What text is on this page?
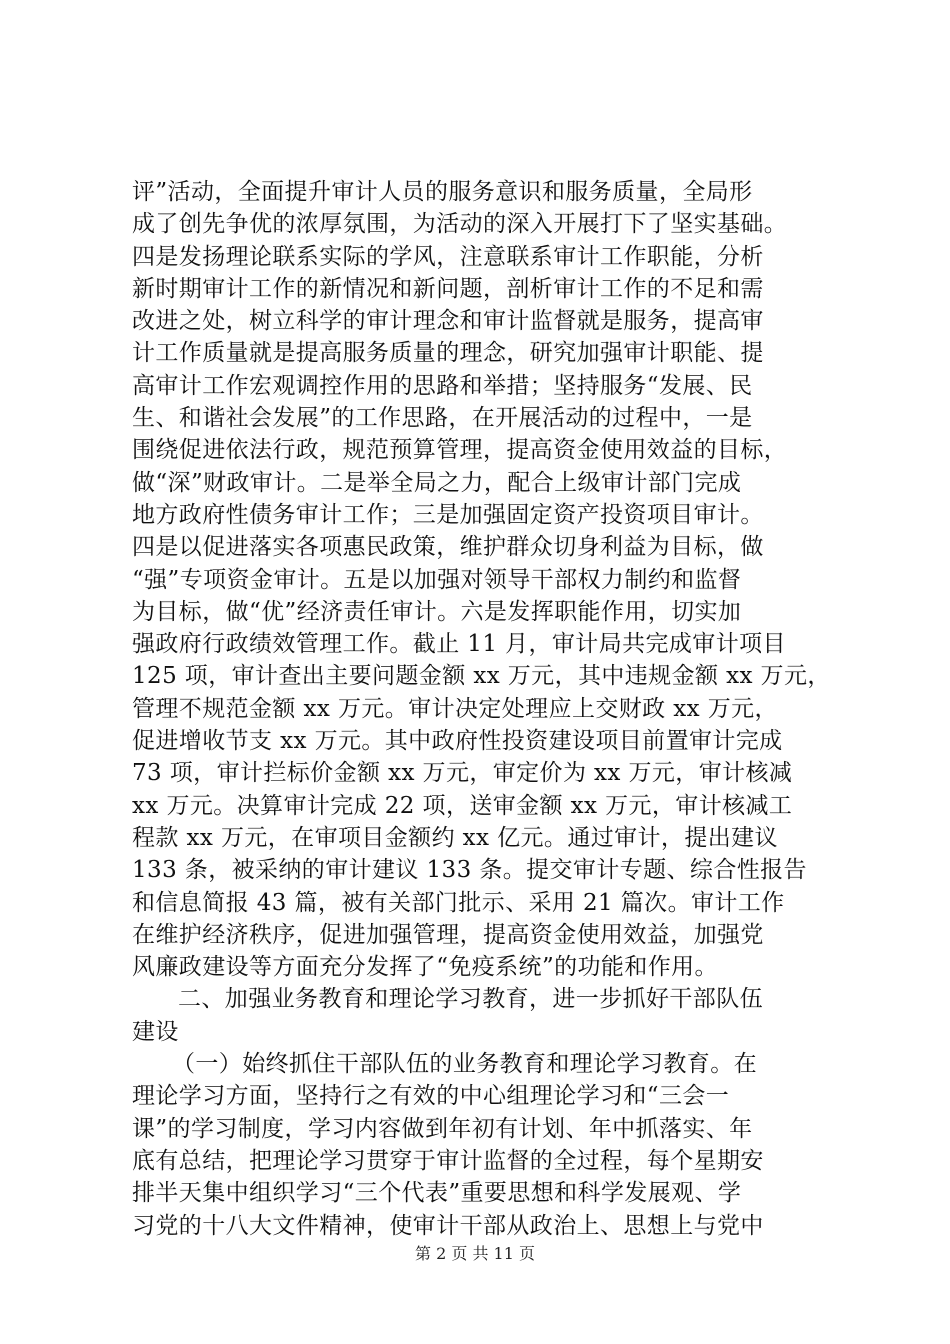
评”活动，全面提升审计人员的服务意识和服务质量，全局形
成了创先争优的浓厚氛围，为活动的深入开展打下了坚实基础。
四是发扬理论联系实际的学风，注意联系审计工作职能，分析
新时期审计工作的新情况和新问题，剖析审计工作的不足和需
改进之处，树立科学的审计理念和审计监督就是服务，提高审
计工作质量就是提高服务质量的理念，研究加强审计职能、提
高审计工作宏观调控作用的思路和举措；坚持服务“发展、民
生、和谐社会发展”的工作思路，在开展活动的过程中，一是
围绕促进依法行政，规范预算管理，提高资金使用效益的目标，
做“深”财政审计。二是举全局之力，配合上级审计部门完成
地方政府性债务审计工作；三是加强固定资产投资项目审计。
四是以促进落实各项惠民政策，维护群众切身利益为目标，做
“强”专项资金审计。五是以加强对领导干部权力制约和监督
为目标，做“优”经济责任审计。六是发挥职能作用，切实加
强政府行政绩效管理工作。截止 11 月，审计局共完成审计项目
125 项，审计查出主要问题金额 xx 万元，其中违规金额 xx 万元，
管理不规范金额 xx 万元。审计决定处理应上交财政 xx 万元，
促进增收节支 xx 万元。其中政府性投资建设项目前置审计完成
73 项，审计拦标价金额 xx 万元，审定价为 xx 万元，审计核减
xx 万元。决算审计完成 22 项，送审金额 xx 万元，审计核减工
程款 xx 万元，在审项目金额约 xx 亿元。通过审计，提出建议
133 条，被采纳的审计建议 133 条。提交审计专题、综合性报告
和信息简报 43 篇，被有关部门批示、采用 21 篇次。审计工作
在维护经济秩序，促进加强管理，提高资金使用效益，加强党
风廉政建设等方面充分发挥了“免疫系统”的功能和作用。
二、加强业务教育和理论学习教育，进一步抓好干部队伍
建设
（一）始终抓住干部队伍的业务教育和理论学习教育。在
理论学习方面，坚持行之有效的中心组理论学习和“三会一
课”的学习制度，学习内容做到年初有计划、年中抓落实、年
底有总结，把理论学习贯穿于审计监督的全过程，每个星期安
排半天集中组织学习“三个代表”重要思想和科学发展观、学
习党的十八大文件精神，使审计干部从政治上、思想上与党中
第 2 页 共 11 页
